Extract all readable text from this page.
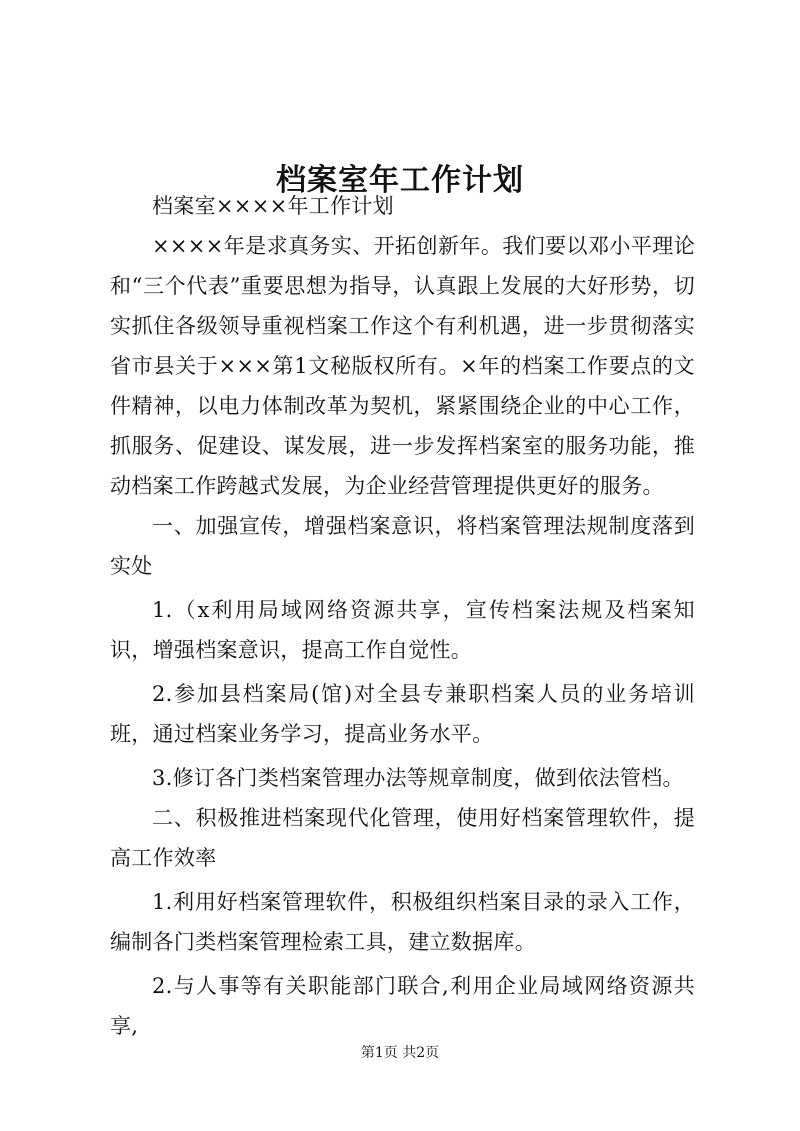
档案室年工作计划

档案室××××年工作计划

××××年是求真务实、开拓创新年。我们要以邓小平理论和“三个代表”重要思想为指导，认真跟上发展的大好形势，切实抓住各级领导重视档案工作这个有利机遇，进一步贯彻落实省市县关于×××第1文秘版权所有。×年的档案工作要点的文件精神，以电力体制改革为契机，紧紧围绕企业的中心工作，抓服务、促建设、谋发展，进一步发挥档案室的服务功能，推动档案工作跨越式发展，为企业经营管理提供更好的服务。

一、加强宣传，增强档案意识，将档案管理法规制度落到实处

1.（x利用局域网络资源共享，宣传档案法规及档案知识，增强档案意识，提高工作自觉性。

2.参加县档案局(馆)对全县专兼职档案人员的业务培训班，通过档案业务学习，提高业务水平。

3.修订各门类档案管理办法等规章制度，做到依法管档。

二、积极推进档案现代化管理，使用好档案管理软件，提高工作效率

1.利用好档案管理软件，积极组织档案目录的录入工作，编制各门类档案管理检索工具，建立数据库。

2.与人事等有关职能部门联合,利用企业局域网络资源共享,

第1页 共2页
